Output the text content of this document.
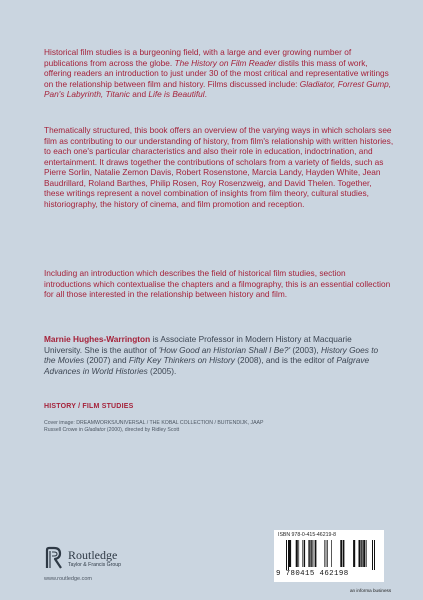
Historical film studies is a burgeoning field, with a large and ever growing number of publications from across the globe. The History on Film Reader distils this mass of work, offering readers an introduction to just under 30 of the most critical and representative writings on the relationship between film and history. Films discussed include: Gladiator, Forrest Gump, Pan's Labyrinth, Titanic and Life is Beautiful.

Thematically structured, this book offers an overview of the varying ways in which scholars see film as contributing to our understanding of history, from film's relationship with written histories, to each one's particular characteristics and also their role in education, indoctrination, and entertainment. It draws together the contributions of scholars from a variety of fields, such as Pierre Sorlin, Natalie Zemon Davis, Robert Rosenstone, Marcia Landy, Hayden White, Jean Baudrillard, Roland Barthes, Philip Rosen, Roy Rosenzweig, and David Thelen. Together, these writings represent a novel combination of insights from film theory, cultural studies, historiography, the history of cinema, and film promotion and reception.

Including an introduction which describes the field of historical film studies, section introductions which contextualise the chapters and a filmography, this is an essential collection for all those interested in the relationship between history and film.

Marnie Hughes-Warrington is Associate Professor in Modern History at Macquarie University. She is the author of 'How Good an Historian Shall I Be?' (2003), History Goes to the Movies (2007) and Fifty Key Thinkers on History (2008), and is the editor of Palgrave Advances in World Histories (2005).

HISTORY / FILM STUDIES
Cover image: DREAMWORKS/UNIVERSAL / THE KOBAL COLLECTION / BUITENDIJK, JAAP
Russell Crowe in Gladiator (2000), directed by Ridley Scott
Routledge
Taylor & Francis Group
www.routledge.com
ISBN 978-0-415-46219-8
9 780415 462198
an informa business
